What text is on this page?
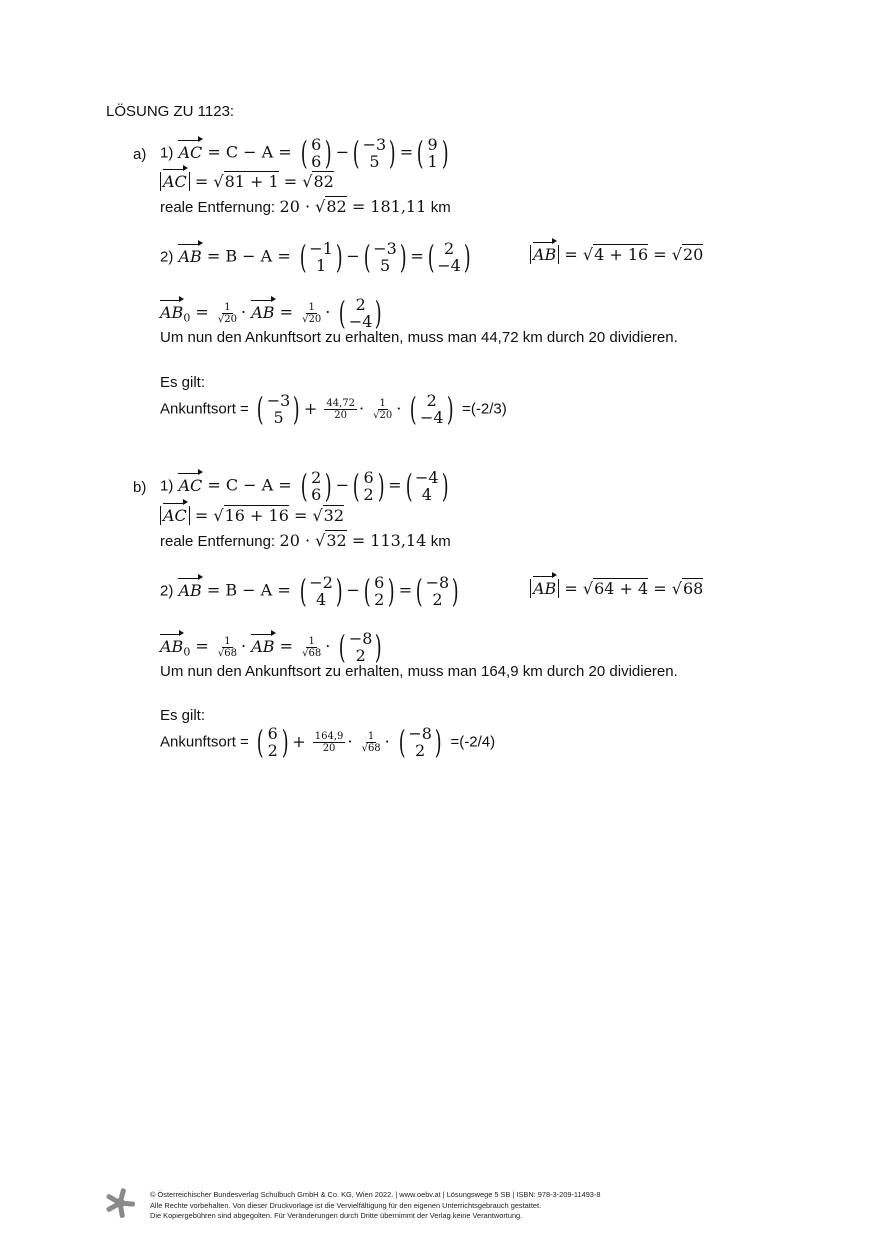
LÖSUNG ZU 1123:
a) 1) AC = C − A = ( 6
6 ) − ( −3
5 ) = ( 9
1 )
AC = √81 + 1 = √82
reale Entfernung: 20 · √82 = 181,11 km
2) AB = B − A = ( −1
1 ) − ( −3
5 ) = ( 2
−4 )	AB = √4 + 16 = √20
$AB_0 = \frac{1}{√20}$ · AB = $\frac{1}{√20}$ · ( 2
−4 )
Um nun den Ankunftsort zu erhalten, muss man 44,72 km durch 20 dividieren.
Es gilt:
Ankunftsort = ( −3
5 ) + $\frac{44,72}{20} \cdot \frac{1}{√20}$ · ( 2
−4 ) =(-2/3)
b) 1) AC = C − A = ( 2
6 ) − ( 6
2 ) = ( −4
4 )
AC = √16 + 16 = √32
reale Entfernung: 20 · √32 = 113,14 km
2) AB = B − A = ( −2
4 ) − ( 6
2 ) = ( −8
2 )	AB = √64 + 4 = √68
$AB_0 = \frac{1}{√68}$ · AB = $\frac{1}{√68}$ · ( −8
2 )
Um nun den Ankunftsort zu erhalten, muss man 164,9 km durch 20 dividieren.
Es gilt:
Ankunftsort = ( 6
2 ) + $\frac{164,9}{20} \cdot \frac{1}{√68}$ · ( −8
2 ) =(-2/4)
© Österreichischer Bundesverlag Schulbuch GmbH & Co. KG, Wien 2022. | www.oebv.at | Lösungswege 5 SB | ISBN: 978-3-209-11493-8
Alle Rechte vorbehalten. Von dieser Druckvorlage ist die Vervielfältigung für den eigenen Unterrichtsgebrauch gestattet.
Die Kopiergebühren sind abgegolten. Für Veränderungen durch Dritte übernimmt der Verlag keine Verantwortung.
